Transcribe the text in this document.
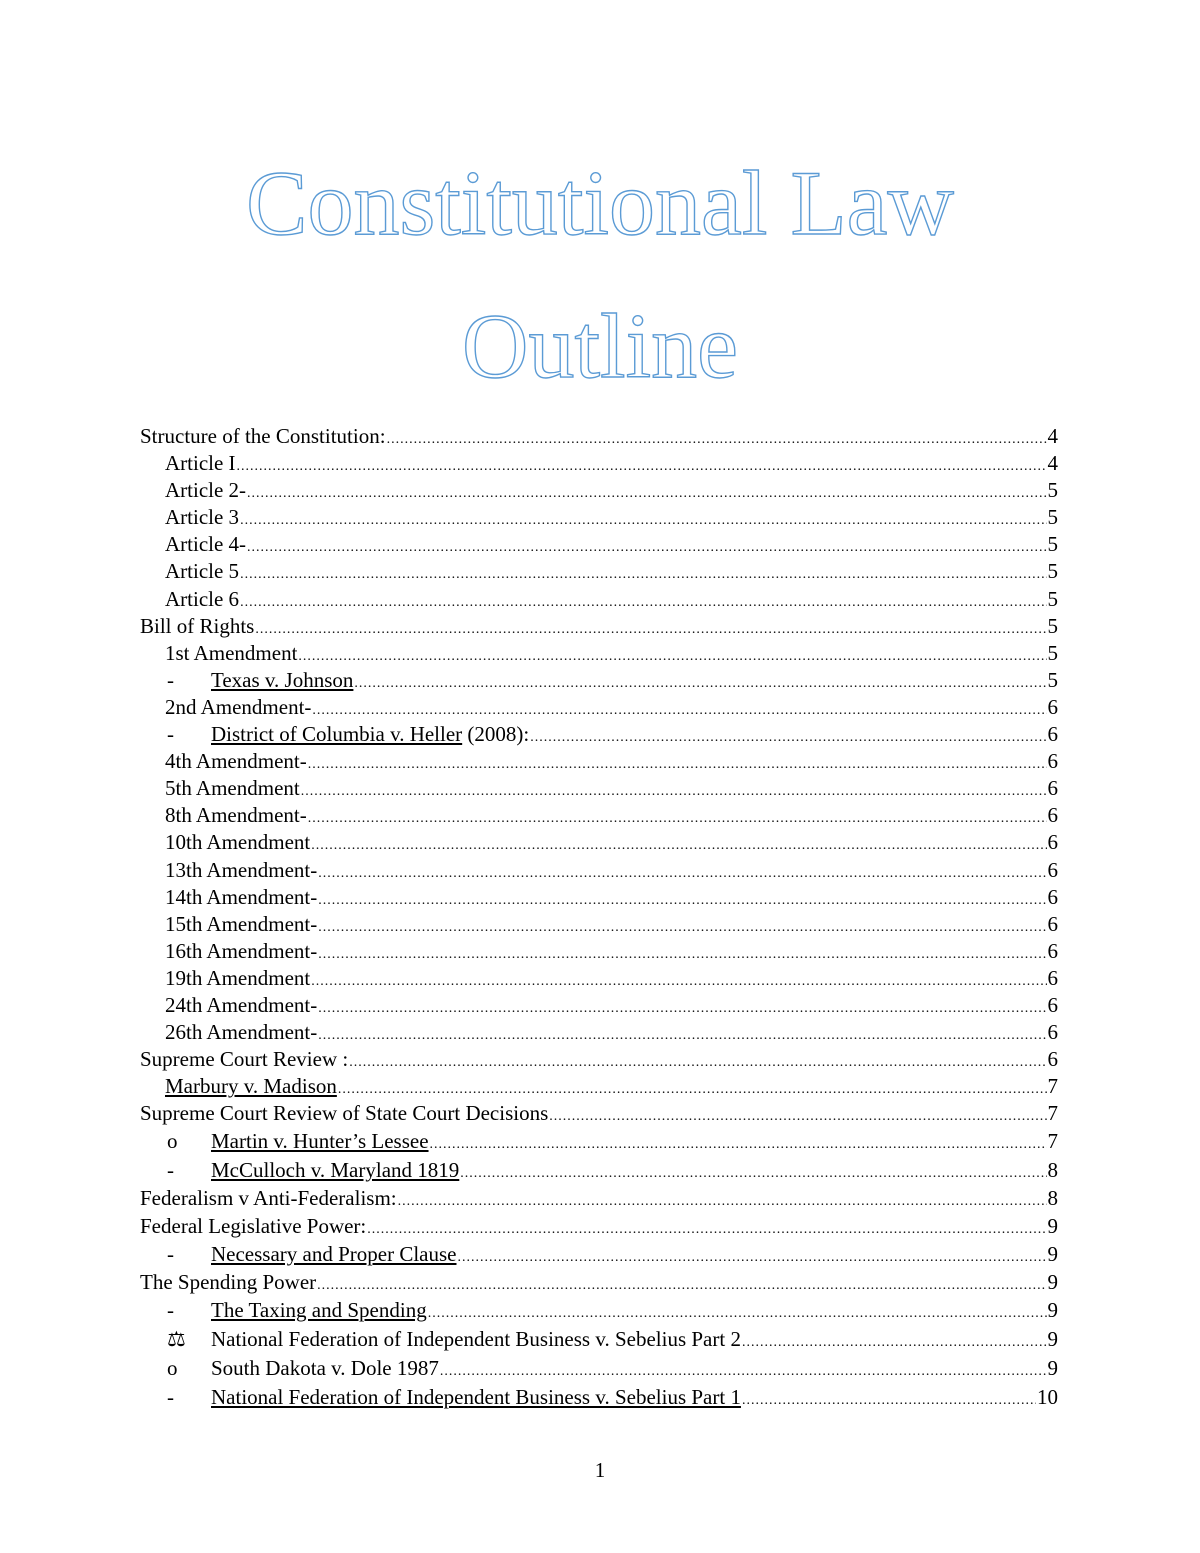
Constitutional Law
Outline
Structure of the Constitution: .....	4
Article I .....	4
Article 2- .....	5
Article 3 .....	5
Article 4- .....	5
Article 5 .....	5
Article 6 .....	5
Bill of Rights .....	5
1st Amendment .....	5
-	Texas v. Johnson .....	5
2nd Amendment- .....	6
-	District of Columbia v. Heller (2008): .....	6
4th Amendment- .....	6
5th Amendment .....	6
8th Amendment- .....	6
10th Amendment .....	6
13th Amendment- .....	6
14th Amendment- .....	6
15th Amendment- .....	6
16th Amendment- .....	6
19th Amendment .....	6
24th Amendment- .....	6
26th Amendment- .....	6
Supreme Court Review : .....	6
Marbury v. Madison .....	7
Supreme Court Review of State Court Decisions .....	7
o	Martin v. Hunter’s Lessee .....	7
-	McCulloch v. Maryland 1819 .....	8
Federalism v Anti-Federalism: .....	8
Federal Legislative Power: .....	9
-	Necessary and Proper Clause .....	9
The Spending Power .....	9
-	The Taxing and Spending .....	9
⚖	National Federation of Independent Business v. Sebelius Part 2 .....	9
o	South Dakota v. Dole 1987 .....	9
-	National Federation of Independent Business v. Sebelius Part 1 .....	10
1
